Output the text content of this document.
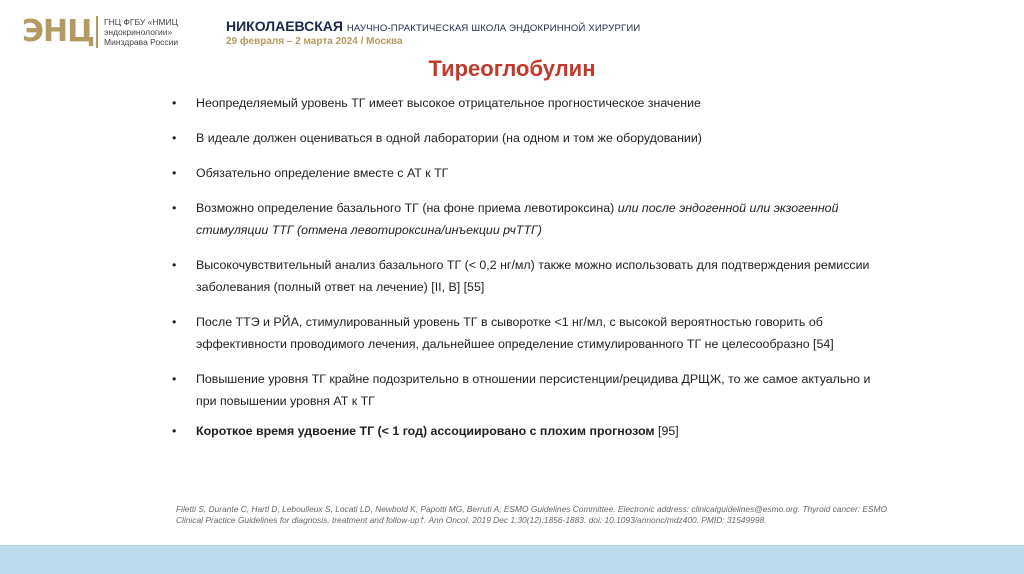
ЭНЦ ГНЦ ФГБУ «НМИЦ
эндокринологии»
Минздрава России
НИКОЛАЕВСКАЯ НАУЧНО-ПРАКТИЧЕСКАЯ ШКОЛА ЭНДОКРИННОЙ ХИРУРГИИ
29 февраля – 2 марта 2024 / Москва
Тиреоглобулин
• Неопределяемый уровень ТГ имеет высокое отрицательное прогностическое значение
• В идеале должен оцениваться в одной лаборатории (на одном и том же оборудовании)
• Обязательно определение вместе с АТ к ТГ
• Возможно определение базального ТГ (на фоне приема левотироксина) или после эндогенной или экзогенной стимуляции ТТГ (отмена левотироксина/инъекции рчТТГ)
• Высокочувствительный анализ базального ТГ (< 0,2 нг/мл) также можно использовать для подтверждения ремиссии заболевания (полный ответ на лечение) [II, B] [55]
• После ТТЭ и РЙА, стимулированный уровень ТГ в сыворотке <1 нг/мл, с высокой вероятностью говорить об эффективности проводимого лечения, дальнейшее определение стимулированного ТГ не целесообразно [54]
• Повышение уровня ТГ крайне подозрительно в отношении персистенции/рецидива ДРЩЖ, то же самое актуально и при повышении уровня АТ к ТГ
• Короткое время удвоение ТГ (< 1 год) ассоциировано с плохим прогнозом [95]
Filetti S, Durante C, Hartl D, Leboulleux S, Locati LD, Newbold K, Papotti MG, Berruti A; ESMO Guidelines Committee. Electronic address: clinicalguidelines@esmo.org. Thyroid cancer: ESMO Clinical Practice Guidelines for diagnosis, treatment and follow-up†. Ann Oncol. 2019 Dec 1;30(12):1856-1883. doi: 10.1093/annonc/mdz400. PMID: 31549998.
